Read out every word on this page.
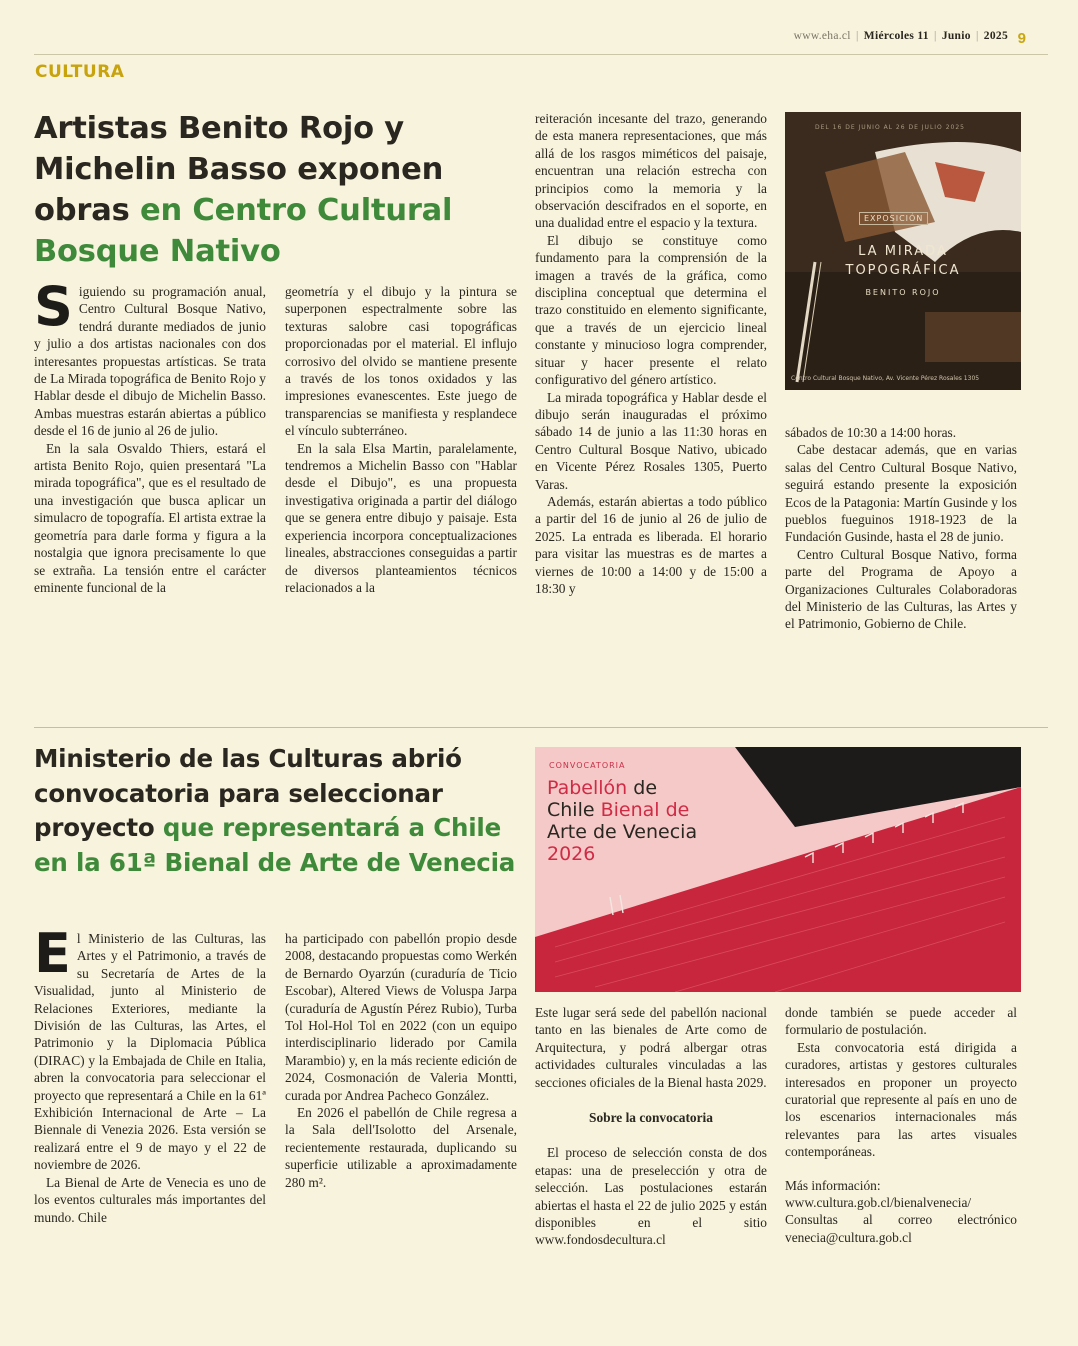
www.eha.cl | Miércoles 11 | Junio | 2025 9
CULTURA
Artistas Benito Rojo y Michelin Basso exponen obras en Centro Cultural Bosque Nativo

Siguiendo su programación anual, Centro Cultural Bosque Nativo, tendrá durante mediados de junio y julio a dos artistas nacionales con dos interesantes propuestas artísticas. Se trata de La Mirada topográfica de Benito Rojo y Hablar desde el dibujo de Michelin Basso. Ambas muestras estarán abiertas a público desde el 16 de junio al 26 de julio.

En la sala Osvaldo Thiers, estará el artista Benito Rojo, quien presentará "La mirada topográfica", que es el resultado de una investigación que busca aplicar un simulacro de topografía. El artista extrae la geometría para darle forma y figura a la nostalgia que ignora precisamente lo que se extraña. La tensión entre el carácter eminente funcional de la

geometría y el dibujo y la pintura se superponen espectralmente sobre las texturas salobre casi topográficas proporcionadas por el material. El influjo corrosivo del olvido se mantiene presente a través de los tonos oxidados y las impresiones evanescentes. Este juego de transparencias se manifiesta y resplandece el vínculo subterráneo.

En la sala Elsa Martin, paralelamente, tendremos a Michelin Basso con "Hablar desde el Dibujo", es una propuesta investigativa originada a partir del diálogo que se genera entre dibujo y paisaje. Esta experiencia incorpora conceptualizaciones lineales, abstracciones conseguidas a partir de diversos planteamientos técnicos relacionados a la

reiteración incesante del trazo, generando de esta manera representaciones, que más allá de los rasgos miméticos del paisaje, encuentran una relación estrecha con principios como la memoria y la observación descifrados en el soporte, en una dualidad entre el espacio y la textura.

El dibujo se constituye como fundamento para la comprensión de la imagen a través de la gráfica, como disciplina conceptual que determina el trazo constituido en elemento significante, que a través de un ejercicio lineal constante y minucioso logra comprender, situar y hacer presente el relato configurativo del género artístico.

La mirada topográfica y Hablar desde el dibujo serán inauguradas el próximo sábado 14 de junio a las 11:30 horas en Centro Cultural Bosque Nativo, ubicado en Vicente Pérez Rosales 1305, Puerto Varas.

Además, estarán abiertas a todo público a partir del 16 de junio al 26 de julio de 2025. La entrada es liberada. El horario para visitar las muestras es de martes a viernes de 10:00 a 14:00 y de 15:00 a 18:30 y

DEL 16 DE JUNIO AL 26 DE JULIO 2025
EXPOSICIÓN
LA MIRADA
TOPOGRÁFICA
BENITO ROJO
Centro Cultural Bosque Nativo, Av. Vicente Pérez Rosales 1305

sábados de 10:30 a 14:00 horas.

Cabe destacar además, que en varias salas del Centro Cultural Bosque Nativo, seguirá estando presente la exposición Ecos de la Patagonia: Martín Gusinde y los pueblos fueguinos 1918-1923 de la Fundación Gusinde, hasta el 28 de junio.

Centro Cultural Bosque Nativo, forma parte del Programa de Apoyo a Organizaciones Culturales Colaboradoras del Ministerio de las Culturas, las Artes y el Patrimonio, Gobierno de Chile.

Ministerio de las Culturas abrió convocatoria para seleccionar proyecto que representará a Chile en la 61ª Bienal de Arte de Venecia
CONVOCATORIA
Pabellón de
Chile Bienal de
Arte de Venecia
2026

El Ministerio de las Culturas, las Artes y el Patrimonio, a través de su Secretaría de Artes de la Visualidad, junto al Ministerio de Relaciones Exteriores, mediante la División de las Culturas, las Artes, el Patrimonio y la Diplomacia Pública (DIRAC) y la Embajada de Chile en Italia, abren la convocatoria para seleccionar el proyecto que representará a Chile en la 61ª Exhibición Internacional de Arte – La Biennale di Venezia 2026. Esta versión se realizará entre el 9 de mayo y el 22 de noviembre de 2026.

La Bienal de Arte de Venecia es uno de los eventos culturales más importantes del mundo. Chile

ha participado con pabellón propio desde 2008, destacando propuestas como Werkén de Bernardo Oyarzún (curaduría de Ticio Escobar), Altered Views de Voluspa Jarpa (curaduría de Agustín Pérez Rubio), Turba Tol Hol-Hol Tol en 2022 (con un equipo interdisciplinario liderado por Camila Marambio) y, en la más reciente edición de 2024, Cosmonación de Valeria Montti, curada por Andrea Pacheco González.

En 2026 el pabellón de Chile regresa a la Sala dell'Isolotto del Arsenale, recientemente restaurada, duplicando su superficie utilizable a aproximadamente 280 m².

Este lugar será sede del pabellón nacional tanto en las bienales de Arte como de Arquitectura, y podrá albergar otras actividades culturales vinculadas a las secciones oficiales de la Bienal hasta 2029.

Sobre la convocatoria

El proceso de selección consta de dos etapas: una de preselección y otra de selección. Las postulaciones estarán abiertas el hasta el 22 de julio 2025 y están disponibles en el sitio www.fondosdecultura.cl

donde también se puede acceder al formulario de postulación.

Esta convocatoria está dirigida a curadores, artistas y gestores culturales interesados en proponer un proyecto curatorial que represente al país en uno de los escenarios internacionales más relevantes para las artes visuales contemporáneas.

Más información:

www.cultura.gob.cl/bienalvenecia/ Consultas al correo electrónico venecia@cultura.gob.cl
